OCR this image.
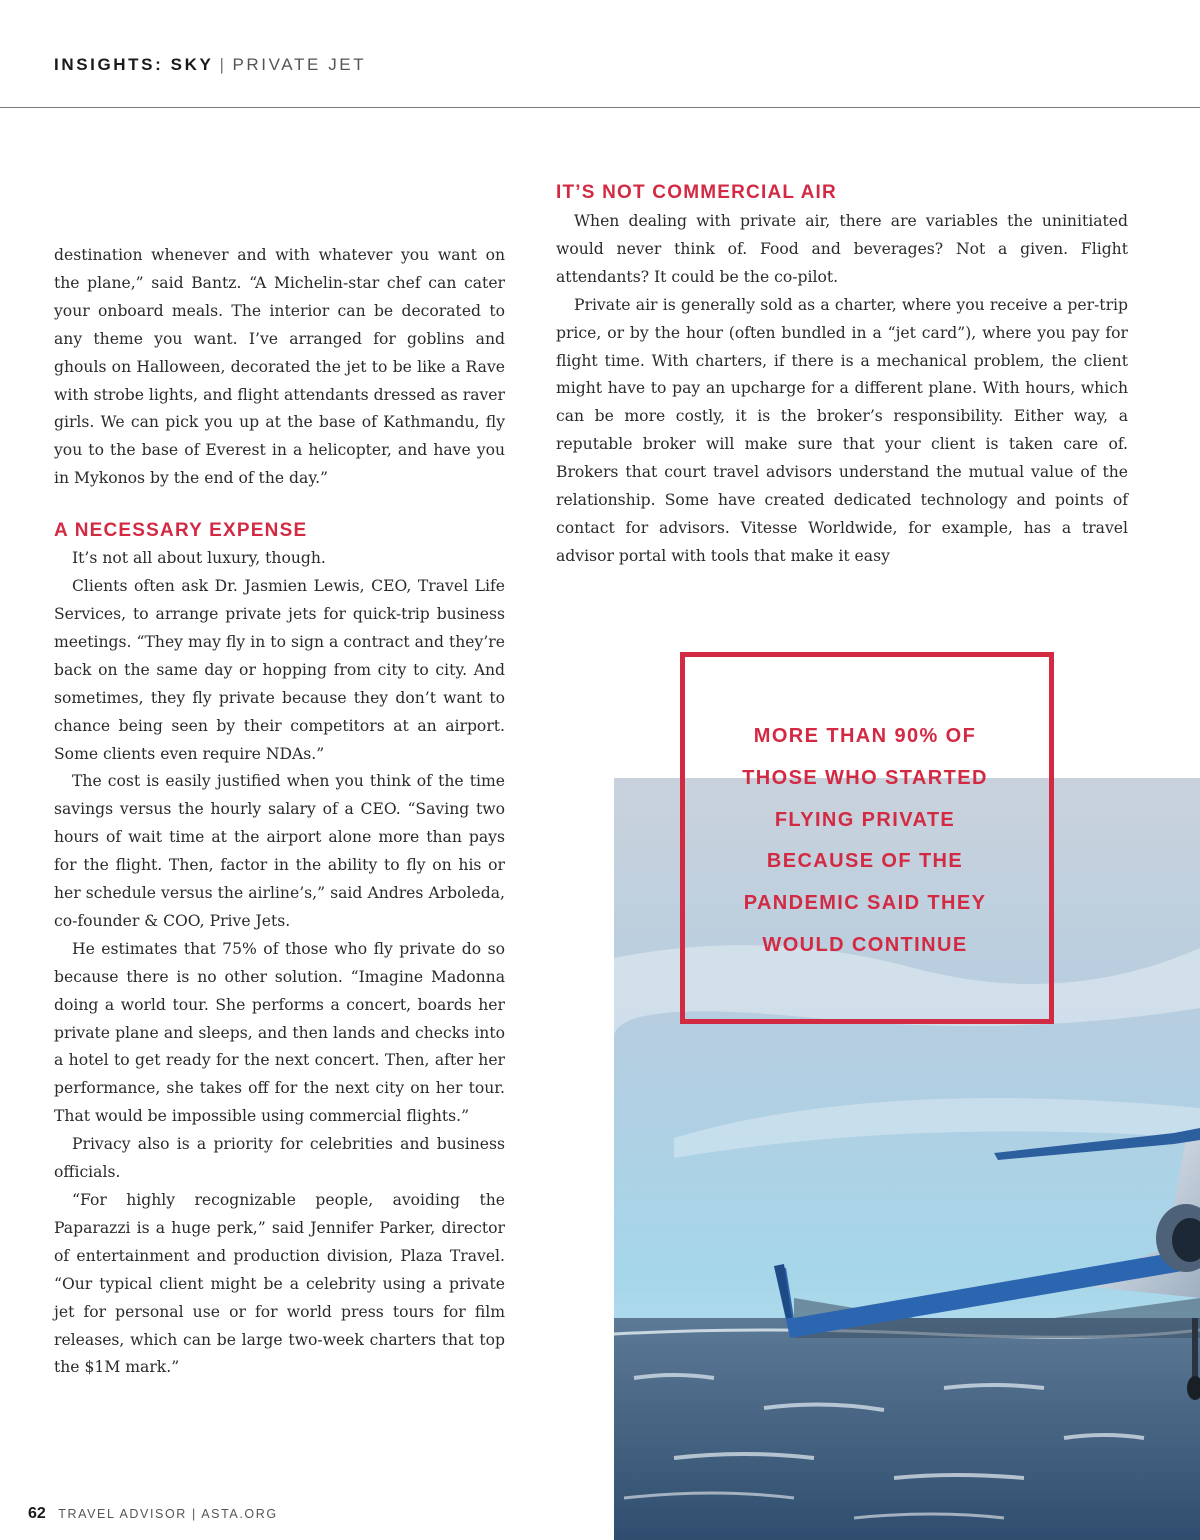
INSIGHTS: SKY | PRIVATE JET

destination whenever and with whatever you want on the plane,” said Bantz. “A Michelin-star chef can cater your onboard meals. The interior can be decorated to any theme you want. I’ve arranged for goblins and ghouls on Halloween, decorated the jet to be like a Rave with strobe lights, and flight attendants dressed as raver girls. We can pick you up at the base of Kathmandu, fly you to the base of Everest in a helicopter, and have you in Mykonos by the end of the day.”

A NECESSARY EXPENSE

It’s not all about luxury, though.

Clients often ask Dr. Jasmien Lewis, CEO, Travel Life Services, to arrange private jets for quick-trip business meetings. “They may fly in to sign a contract and they’re back on the same day or hopping from city to city. And sometimes, they fly private because they don’t want to chance being seen by their competitors at an airport. Some clients even require NDAs.”

The cost is easily justified when you think of the time savings versus the hourly salary of a CEO. “Saving two hours of wait time at the airport alone more than pays for the flight. Then, factor in the ability to fly on his or her schedule versus the airline’s,” said Andres Arboleda, co-founder & COO, Prive Jets.

He estimates that 75% of those who fly private do so because there is no other solution. “Imagine Madonna doing a world tour. She performs a concert, boards her private plane and sleeps, and then lands and checks into a hotel to get ready for the next concert. Then, after her performance, she takes off for the next city on her tour. That would be impossible using commercial flights.”

Privacy also is a priority for celebrities and business officials.

“For highly recognizable people, avoiding the Paparazzi is a huge perk,” said Jennifer Parker, director of entertainment and production division, Plaza Travel. “Our typical client might be a celebrity using a private jet for personal use or for world press tours for film releases, which can be large two-week charters that top the $1M mark.”

IT’S NOT COMMERCIAL AIR

When dealing with private air, there are variables the uninitiated would never think of. Food and beverages? Not a given. Flight attendants? It could be the co-pilot.

Private air is generally sold as a charter, where you receive a per-trip price, or by the hour (often bundled in a “jet card”), where you pay for flight time. With charters, if there is a mechanical problem, the client might have to pay an upcharge for a different plane. With hours, which can be more costly, it is the broker’s responsibility. Either way, a reputable broker will make sure that your client is taken care of. Brokers that court travel advisors understand the mutual value of the relationship. Some have created dedicated technology and points of contact for advisors. Vitesse Worldwide, for example, has a travel advisor portal with tools that make it easy

MORE THAN 90% OF
THOSE WHO STARTED
FLYING PRIVATE
BECAUSE OF THE
PANDEMIC SAID THEY
WOULD CONTINUE
62 TRAVEL ADVISOR | ASTA.ORG
